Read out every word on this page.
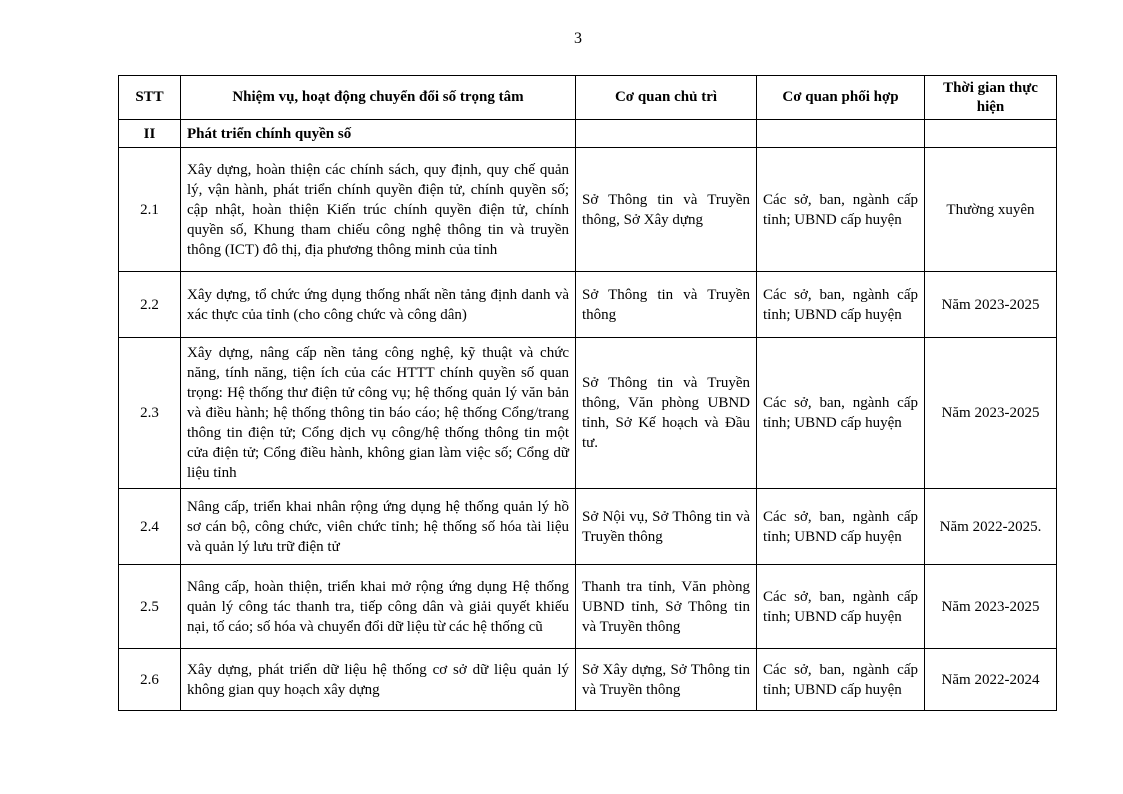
3
STT	Nhiệm vụ, hoạt động chuyển đổi số trọng tâm	Cơ quan chủ trì	Cơ quan phối hợp	Thời gian thực hiện
II	Phát triển chính quyền số			
2.1	Xây dựng, hoàn thiện các chính sách, quy định, quy chế quản lý, vận hành, phát triển chính quyền điện tử, chính quyền số; cập nhật, hoàn thiện Kiến trúc chính quyền điện tử, chính quyền số, Khung tham chiếu công nghệ thông tin và truyền thông (ICT) đô thị, địa phương thông minh của tỉnh	Sở Thông tin và Truyền thông, Sở Xây dựng	Các sở, ban, ngành cấp tỉnh; UBND cấp huyện	Thường xuyên
2.2	Xây dựng, tổ chức ứng dụng thống nhất nền tảng định danh và xác thực của tỉnh (cho công chức và công dân)	Sở Thông tin và Truyền thông	Các sở, ban, ngành cấp tỉnh; UBND cấp huyện	Năm 2023-2025
2.3	Xây dựng, nâng cấp nền tảng công nghệ, kỹ thuật và chức năng, tính năng, tiện ích của các HTTT chính quyền số quan trọng: Hệ thống thư điện tử công vụ; hệ thống quản lý văn bản và điều hành; hệ thống thông tin báo cáo; hệ thống Cổng/trang thông tin điện tử; Cổng dịch vụ công/hệ thống thông tin một cửa điện tử; Cổng điều hành, không gian làm việc số; Cổng dữ liệu tỉnh	Sở Thông tin và Truyền thông, Văn phòng UBND tỉnh, Sở Kế hoạch và Đầu tư.	Các sở, ban, ngành cấp tỉnh; UBND cấp huyện	Năm 2023-2025
2.4	Nâng cấp, triển khai nhân rộng ứng dụng hệ thống quản lý hồ sơ cán bộ, công chức, viên chức tỉnh; hệ thống số hóa tài liệu và quản lý lưu trữ điện tử	Sở Nội vụ, Sở Thông tin và Truyền thông	Các sở, ban, ngành cấp tỉnh; UBND cấp huyện	Năm 2022-2025.
2.5	Nâng cấp, hoàn thiện, triển khai mở rộng ứng dụng Hệ thống quản lý công tác thanh tra, tiếp công dân và giải quyết khiếu nại, tố cáo; số hóa và chuyển đổi dữ liệu từ các hệ thống cũ	Thanh tra tỉnh, Văn phòng UBND tỉnh, Sở Thông tin và Truyền thông	Các sở, ban, ngành cấp tỉnh; UBND cấp huyện	Năm 2023-2025
2.6	Xây dựng, phát triển dữ liệu hệ thống cơ sở dữ liệu quản lý không gian quy hoạch xây dựng	Sở Xây dựng, Sở Thông tin và Truyền thông	Các sở, ban, ngành cấp tỉnh; UBND cấp huyện	Năm 2022-2024
